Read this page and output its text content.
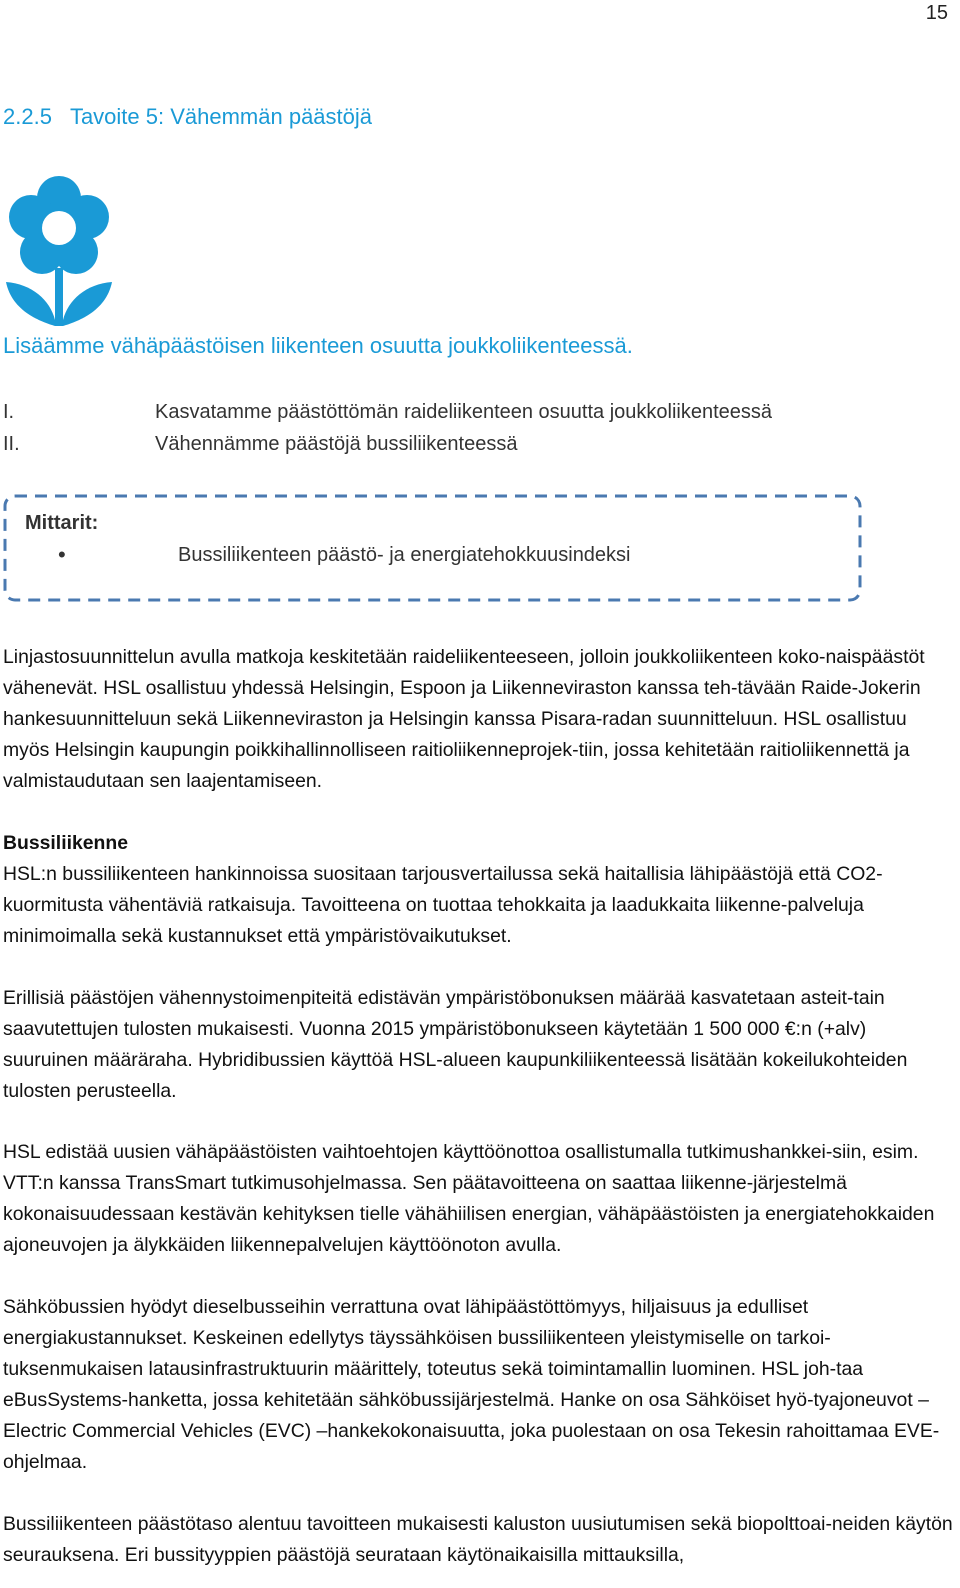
15
2.2.5 Tavoite 5: Vähemmän päästöjä
Lisäämme vähäpäästöisen liikenteen osuutta joukkoliikenteessä.
I.	Kasvatamme päästöttömän raideliikenteen osuutta joukkoliikenteessä
II.	Vähennämme päästöjä bussiliikenteessä
Mittarit:
•	Bussiliikenteen päästö- ja energiatehokkuusindeksi

Linjastosuunnittelun avulla matkoja keskitetään raideliikenteeseen, jolloin joukkoliikenteen koko-naispäästöt vähenevät. HSL osallistuu yhdessä Helsingin, Espoon ja Liikenneviraston kanssa teh-tävään Raide-Jokerin hankesuunnitteluun sekä Liikenneviraston ja Helsingin kanssa Pisara-radan suunnitteluun. HSL osallistuu myös Helsingin kaupungin poikkihallinnolliseen raitioliikenneprojek-tiin, jossa kehitetään raitioliikennettä ja valmistaudutaan sen laajentamiseen.

Bussiliikenne

HSL:n bussiliikenteen hankinnoissa suositaan tarjousvertailussa sekä haitallisia lähipäästöjä että CO2-kuormitusta vähentäviä ratkaisuja. Tavoitteena on tuottaa tehokkaita ja laadukkaita liikenne-palveluja minimoimalla sekä kustannukset että ympäristövaikutukset.

Erillisiä päästöjen vähennystoimenpiteitä edistävän ympäristöbonuksen määrää kasvatetaan asteit-tain saavutettujen tulosten mukaisesti. Vuonna 2015 ympäristöbonukseen käytetään 1 500 000 €:n (+alv) suuruinen määräraha. Hybridibussien käyttöä HSL-alueen kaupunkiliikenteessä lisätään kokeilukohteiden tulosten perusteella.

HSL edistää uusien vähäpäästöisten vaihtoehtojen käyttöönottoa osallistumalla tutkimushankkei-siin, esim. VTT:n kanssa TransSmart tutkimusohjelmassa. Sen päätavoitteena on saattaa liikenne-järjestelmä kokonaisuudessaan kestävän kehityksen tielle vähähiilisen energian, vähäpäästöisten ja energiatehokkaiden ajoneuvojen ja älykkäiden liikennepalvelujen käyttöönoton avulla.

Sähköbussien hyödyt dieselbusseihin verrattuna ovat lähipäästöttömyys, hiljaisuus ja edulliset energiakustannukset. Keskeinen edellytys täyssähköisen bussiliikenteen yleistymiselle on tarkoi-tuksenmukaisen latausinfrastruktuurin määrittely, toteutus sekä toimintamallin luominen. HSL joh-taa eBusSystems-hanketta, jossa kehitetään sähköbussijärjestelmä. Hanke on osa Sähköiset hyö-tyajoneuvot – Electric Commercial Vehicles (EVC) –hankekokonaisuutta, joka puolestaan on osa Tekesin rahoittamaa EVE-ohjelmaa.

Bussiliikenteen päästötaso alentuu tavoitteen mukaisesti kaluston uusiutumisen sekä biopolttoai-neiden käytön seurauksena. Eri bussityyppien päästöjä seurataan käytönaikaisilla mittauksilla,
